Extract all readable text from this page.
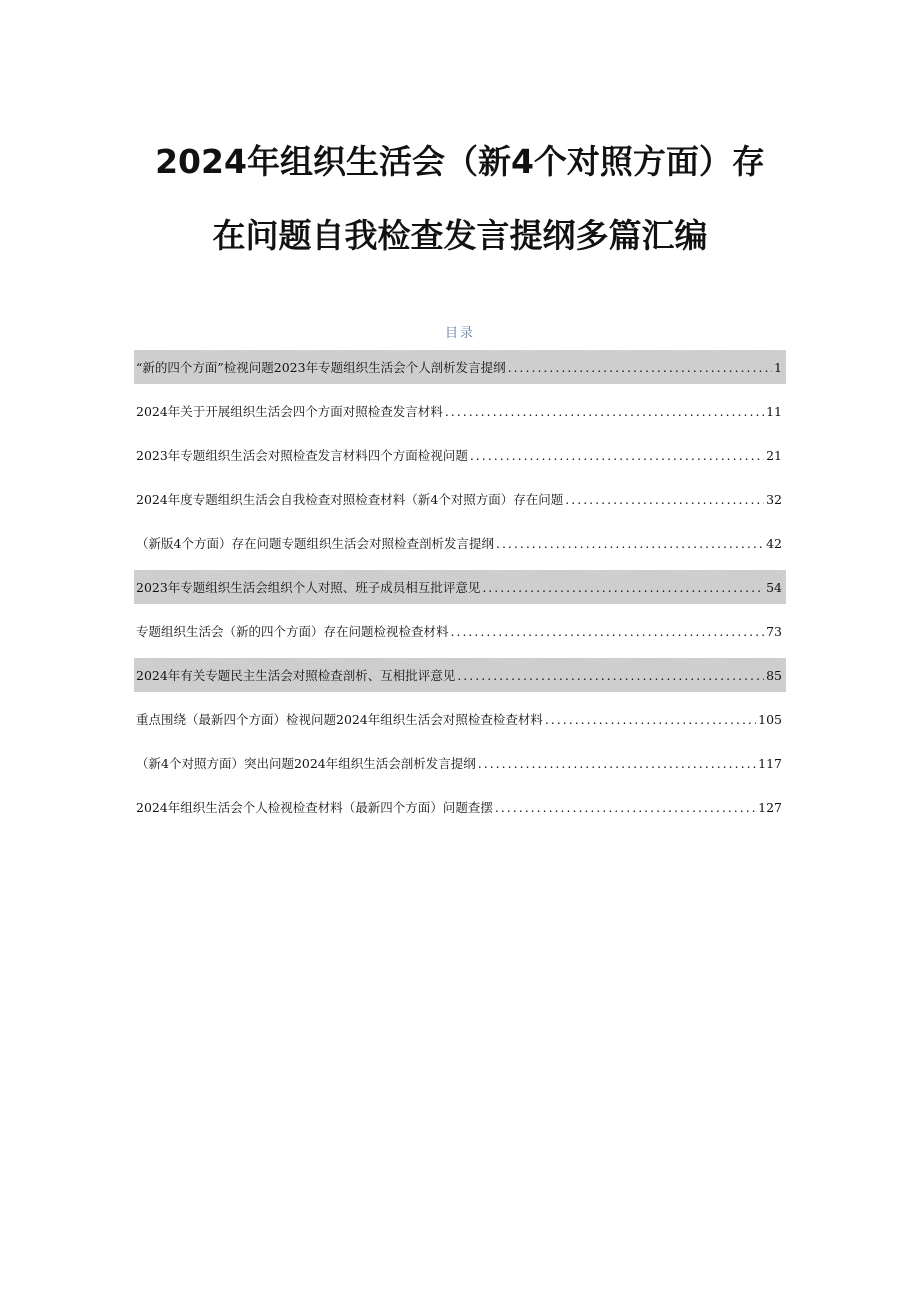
2024年组织生活会（新4个对照方面）存
在问题自我检查发言提纲多篇汇编
目录
“新的四个方面”检视问题2023年专题组织生活会个人剖析发言提纲 .....	1
2024年关于开展组织生活会四个方面对照检查发言材料 .....	11
2023年专题组织生活会对照检查发言材料四个方面检视问题 .....	21
2024年度专题组织生活会自我检查对照检查材料（新4个对照方面）存在问题 .....	32
（新版4个方面）存在问题专题组织生活会对照检查剖析发言提纲 .....	42
2023年专题组织生活会组织个人对照、班子成员相互批评意见 .....	54
专题组织生活会（新的四个方面）存在问题检视检查材料 .....	73
2024年有关专题民主生活会对照检查剖析、互相批评意见 .....	85
重点围绕（最新四个方面）检视问题2024年组织生活会对照检查检查材料 .....	105
（新4个对照方面）突出问题2024年组织生活会剖析发言提纲 .....	117
2024年组织生活会个人检视检查材料（最新四个方面）问题查摆 .....	127
